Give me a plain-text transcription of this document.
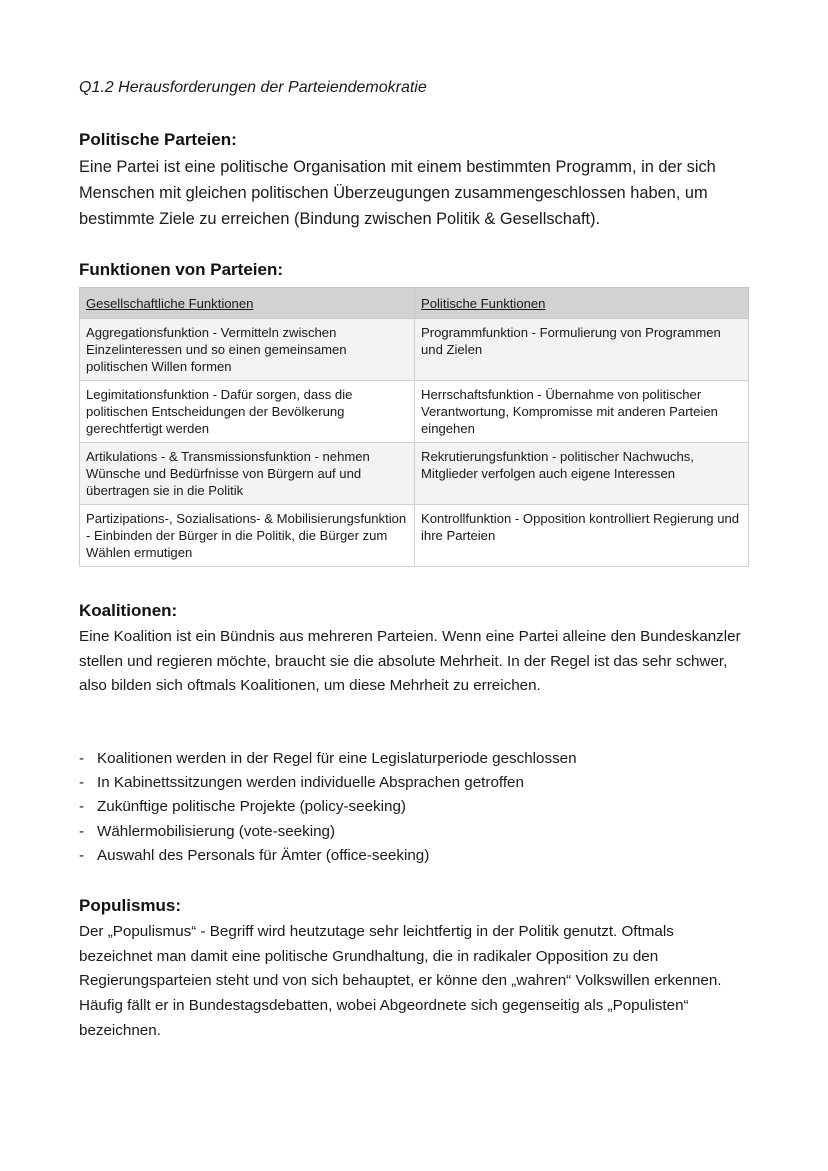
Q1.2 Herausforderungen der Parteiendemokratie
Politische Parteien:
Eine Partei ist eine politische Organisation mit einem bestimmten Programm, in der sich Menschen mit gleichen politischen Überzeugungen zusammengeschlossen haben, um bestimmte Ziele zu erreichen (Bindung zwischen Politik & Gesellschaft).
Funktionen von Parteien:
Gesellschaftliche Funktionen	Politische Funktionen
Aggregationsfunktion - Vermitteln zwischen Einzelinteressen und so einen gemeinsamen politischen Willen formen	Programmfunktion - Formulierung von Programmen und Zielen
Legimitationsfunktion - Dafür sorgen, dass die politischen Entscheidungen der Bevölkerung gerechtfertigt werden	Herrschaftsfunktion - Übernahme von politischer Verantwortung, Kompromisse mit anderen Parteien eingehen
Artikulations - & Transmissionsfunktion - nehmen Wünsche und Bedürfnisse von Bürgern auf und übertragen sie in die Politik	Rekrutierungsfunktion - politischer Nachwuchs, Mitglieder verfolgen auch eigene Interessen
Partizipations-, Sozialisations- & Mobilisierungsfunktion - Einbinden der Bürger in die Politik, die Bürger zum Wählen ermutigen	Kontrollfunktion - Opposition kontrolliert Regierung und ihre Parteien
Koalitionen:
Eine Koalition ist ein Bündnis aus mehreren Parteien. Wenn eine Partei alleine den Bundeskanzler stellen und regieren möchte, braucht sie die absolute Mehrheit. In der Regel ist das sehr schwer, also bilden sich oftmals Koalitionen, um diese Mehrheit zu erreichen.
- Koalitionen werden in der Regel für eine Legislaturperiode geschlossen
- In Kabinettssitzungen werden individuelle Absprachen getroffen
- Zukünftige politische Projekte (policy-seeking)
- Wählermobilisierung (vote-seeking)
- Auswahl des Personals für Ämter (office-seeking)
Populismus:
Der „Populismus“ - Begriff wird heutzutage sehr leichtfertig in der Politik genutzt. Oftmals bezeichnet man damit eine politische Grundhaltung, die in radikaler Opposition zu den Regierungsparteien steht und von sich behauptet, er könne den „wahren“ Volkswillen erkennen. Häufig fällt er in Bundestagsdebatten, wobei Abgeordnete sich gegenseitig als „Populisten“ bezeichnen.
